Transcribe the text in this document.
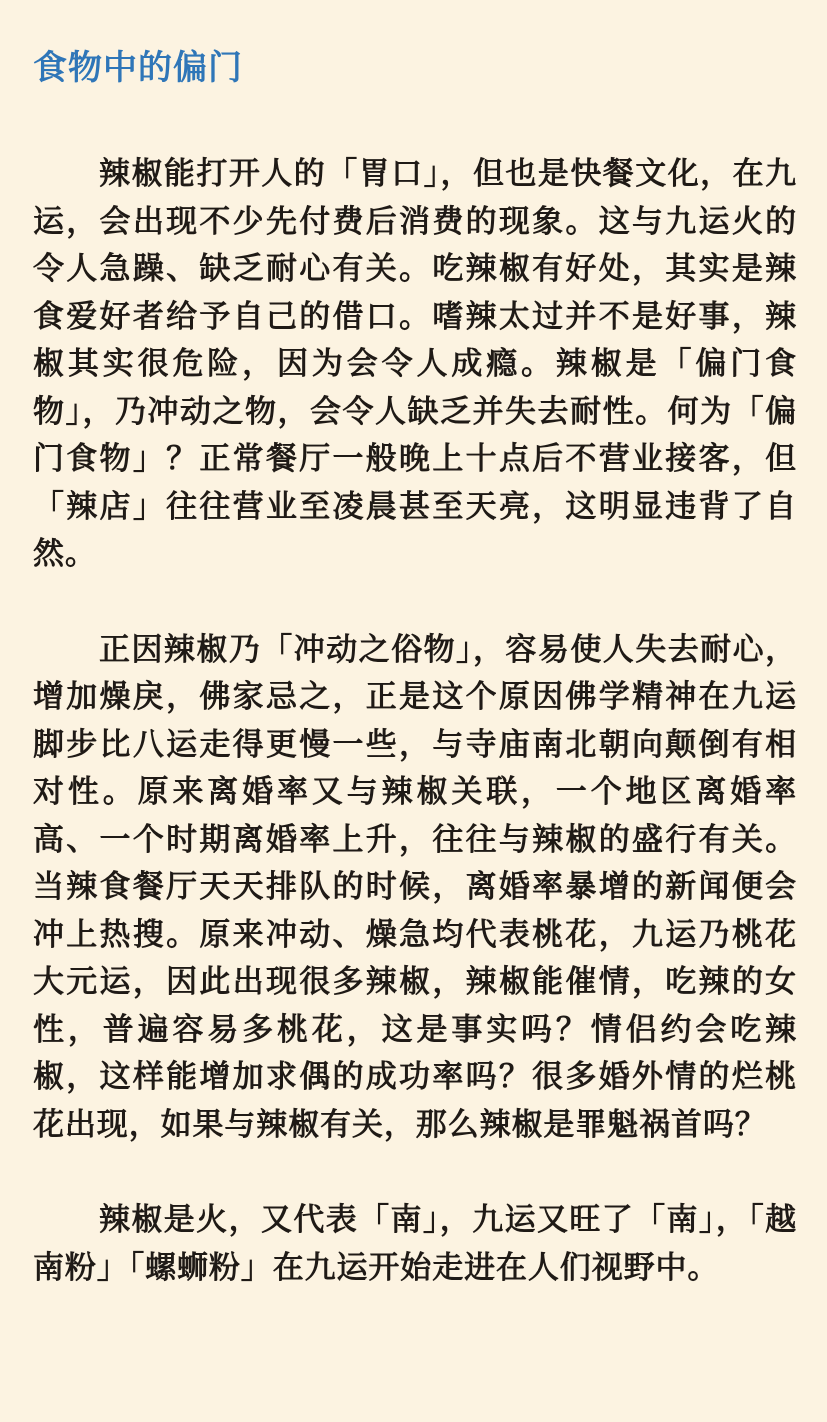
食物中的偏门

辣椒能打开人的「胃口」，但也是快餐文化，在九运，会出现不少先付费后消费的现象。这与九运火的令人急躁、缺乏耐心有关。吃辣椒有好处，其实是辣食爱好者给予自己的借口。嗜辣太过并不是好事，辣椒其实很危险，因为会令人成瘾。辣椒是「偏门食物」，乃冲动之物，会令人缺乏并失去耐性。何为「偏门食物」？正常餐厅一般晚上十点后不营业接客，但「辣店」往往营业至凌晨甚至天亮，这明显违背了自然。

正因辣椒乃「冲动之俗物」，容易使人失去耐心，增加燥戾，佛家忌之，正是这个原因佛学精神在九运脚步比八运走得更慢一些，与寺庙南北朝向颠倒有相对性。原来离婚率又与辣椒关联，一个地区离婚率高、一个时期离婚率上升，往往与辣椒的盛行有关。当辣食餐厅天天排队的时候，离婚率暴增的新闻便会冲上热搜。原来冲动、燥急均代表桃花，九运乃桃花大元运，因此出现很多辣椒，辣椒能催情，吃辣的女性，普遍容易多桃花，这是事实吗？情侣约会吃辣椒，这样能增加求偶的成功率吗？很多婚外情的烂桃花出现，如果与辣椒有关，那么辣椒是罪魁祸首吗？

辣椒是火，又代表「南」，九运又旺了「南」，「越南粉」「螺蛳粉」在九运开始走进在人们视野中。
